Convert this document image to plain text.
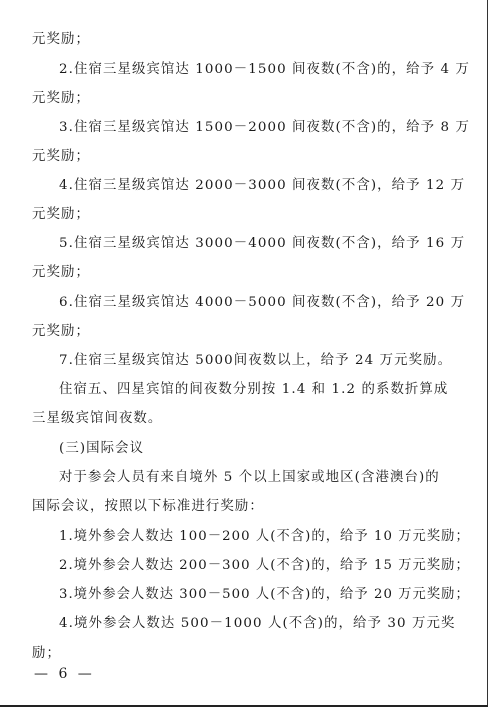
元奖励；
2.住宿三星级宾馆达 1000－1500 间夜数(不含)的，给予 4 万
元奖励；
3.住宿三星级宾馆达 1500－2000 间夜数(不含)的，给予 8 万
元奖励；
4.住宿三星级宾馆达 2000－3000 间夜数(不含)，给予 12 万
元奖励；
5.住宿三星级宾馆达 3000－4000 间夜数(不含)，给予 16 万
元奖励；
6.住宿三星级宾馆达 4000－5000 间夜数(不含)，给予 20 万
元奖励；
7.住宿三星级宾馆达 5000间夜数以上，给予 24 万元奖励。
住宿五、四星宾馆的间夜数分别按 1.4 和 1.2 的系数折算成
三星级宾馆间夜数。
(三)国际会议
对于参会人员有来自境外 5 个以上国家或地区(含港澳台)的
国际会议，按照以下标准进行奖励：
1.境外参会人数达 100－200 人(不含)的，给予 10 万元奖励；
2.境外参会人数达 200－300 人(不含)的，给予 15 万元奖励；
3.境外参会人数达 300－500 人(不含)的，给予 20 万元奖励；
4.境外参会人数达 500－1000 人(不含)的，给予 30 万元奖
励；
— 6 —
